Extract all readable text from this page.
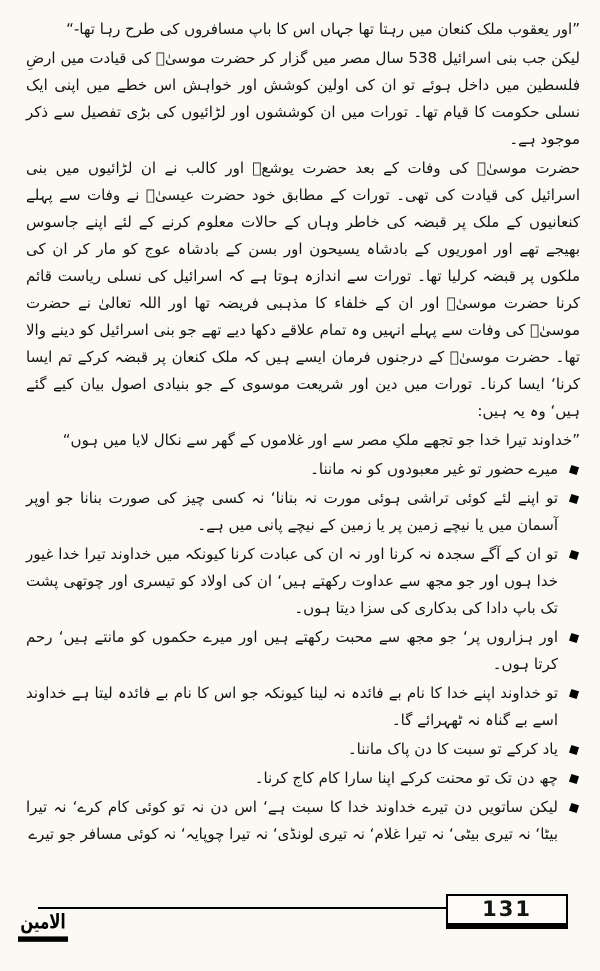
”اور یعقوب ملک کنعان میں رہتا تھا جہاں اس کا باپ مسافروں کی طرح رہا تھا-“

لیکن جب بنی اسرائیل 538 سال مصر میں گزار کر حضرت موسیٰؑ کی قیادت میں ارضِ فلسطین میں داخل ہوئے تو ان کی اولین کوشش اور خواہش اس خطے میں اپنی ایک نسلی حکومت کا قیام تھا۔ تورات میں ان کوششوں اور لڑائیوں کی بڑی تفصیل سے ذکر موجود ہے۔

حضرت موسیٰؑ کی وفات کے بعد حضرت یوشعؑ اور کالب نے ان لڑائیوں میں بنی اسرائیل کی قیادت کی تھی۔ تورات کے مطابق خود حضرت عیسیٰؑ نے وفات سے پہلے کنعانیوں کے ملک پر قبضہ کی خاطر وہاں کے حالات معلوم کرنے کے لئے اپنے جاسوس بھیجے تھے اور اموریوں کے بادشاہ یسیحون اور بسن کے بادشاہ عوج کو مار کر ان کی ملکوں پر قبضہ کرلیا تھا۔ تورات سے اندازہ ہوتا ہے کہ اسرائیل کی نسلی ریاست قائم کرنا حضرت موسیٰؑ اور ان کے خلفاء کا مذہبی فریضہ تھا اور اللہ تعالیٰ نے حضرت موسیٰؑ کی وفات سے پہلے انہیں وہ تمام علاقے دکھا دیے تھے جو بنی اسرائیل کو دینے والا تھا۔ حضرت موسیٰؑ کے درجنوں فرمان ایسے ہیں کہ ملک کنعان پر قبضہ کرکے تم ایسا کرنا‘ ایسا کرنا۔ تورات میں دین اور شریعت موسوی کے جو بنیادی اصول بیان کیے گئے ہیں‘ وہ یہ ہیں:

”خداوند تیرا خدا جو تجھے ملکِ مصر سے اور غلاموں کے گھر سے نکال لایا میں ہوں“

میرے حضور تو غیر معبودوں کو نہ ماننا۔
تو اپنے لئے کوئی تراشی ہوئی مورت نہ بنانا‘ نہ کسی چیز کی صورت بنانا جو اوپر آسمان میں یا نیچے زمین پر یا زمین کے نیچے پانی میں ہے۔
تو ان کے آگے سجدہ نہ کرنا اور نہ ان کی عبادت کرنا کیونکہ میں خداوند تیرا خدا غیور خدا ہوں اور جو مجھ سے عداوت رکھتے ہیں‘ ان کی اولاد کو تیسری اور چوتھی پشت تک باپ دادا کی بدکاری کی سزا دیتا ہوں۔
اور ہزاروں پر‘ جو مجھ سے محبت رکھتے ہیں اور میرے حکموں کو مانتے ہیں‘ رحم کرتا ہوں۔
تو خداوند اپنے خدا کا نام بے فائدہ نہ لینا کیونکہ جو اس کا نام بے فائدہ لیتا ہے خداوند اسے بے گناہ نہ ٹھہرائے گا۔
یاد کرکے تو سبت کا دن پاک ماننا۔
چھ دن تک تو محنت کرکے اپنا سارا کام کاج کرنا۔
لیکن ساتویں دن تیرے خداوند خدا کا سبت ہے‘ اس دن نہ تو کوئی کام کرے‘ نہ تیرا بیٹا‘ نہ تیری بیٹی‘ نہ تیرا غلام‘ نہ تیری لونڈی‘ نہ تیرا چوپایہ‘ نہ کوئی مسافر جو تیرے
131
الامین
